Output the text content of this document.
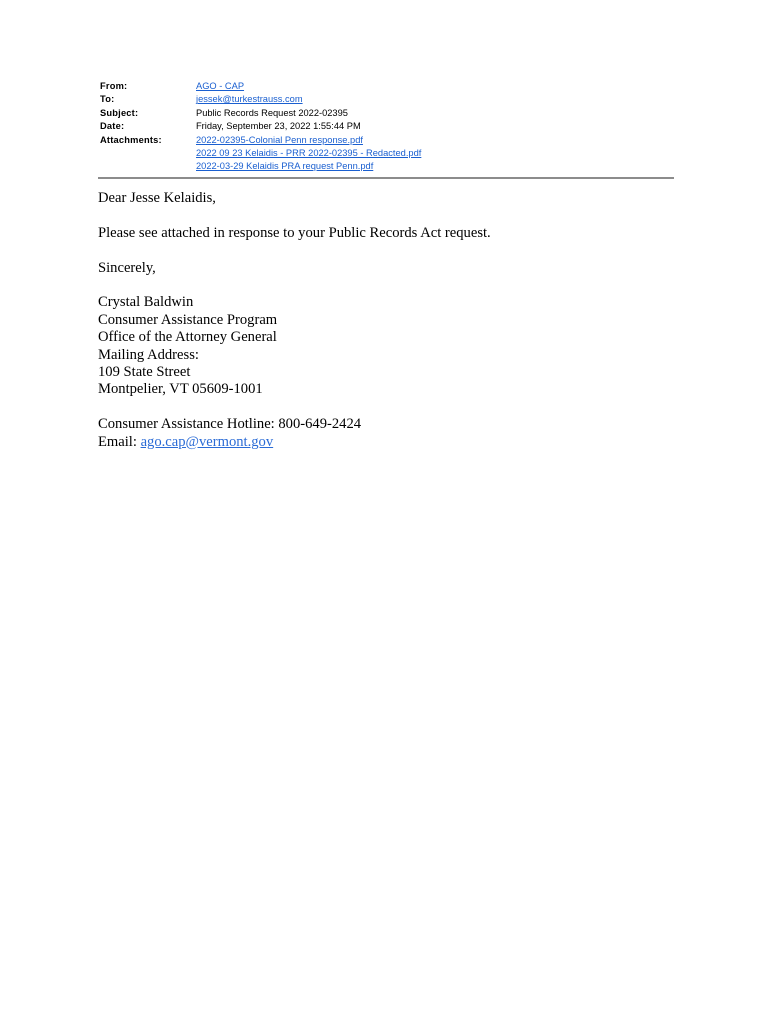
From:	AGO - CAP
To:	jessek@turkestrauss.com
Subject:	Public Records Request 2022-02395
Date:	Friday, September 23, 2022 1:55:44 PM
Attachments:	2022-02395-Colonial Penn response.pdf
2022 09 23 Kelaidis - PRR 2022-02395 - Redacted.pdf
2022-03-29 Kelaidis PRA request Penn.pdf

Dear Jesse Kelaidis,

Please see attached in response to your Public Records Act request.

Sincerely,

Crystal Baldwin
Consumer Assistance Program
Office of the Attorney General
Mailing Address:
109 State Street
Montpelier, VT 05609-1001

Consumer Assistance Hotline: 800-649-2424
Email: ago.cap@vermont.gov
